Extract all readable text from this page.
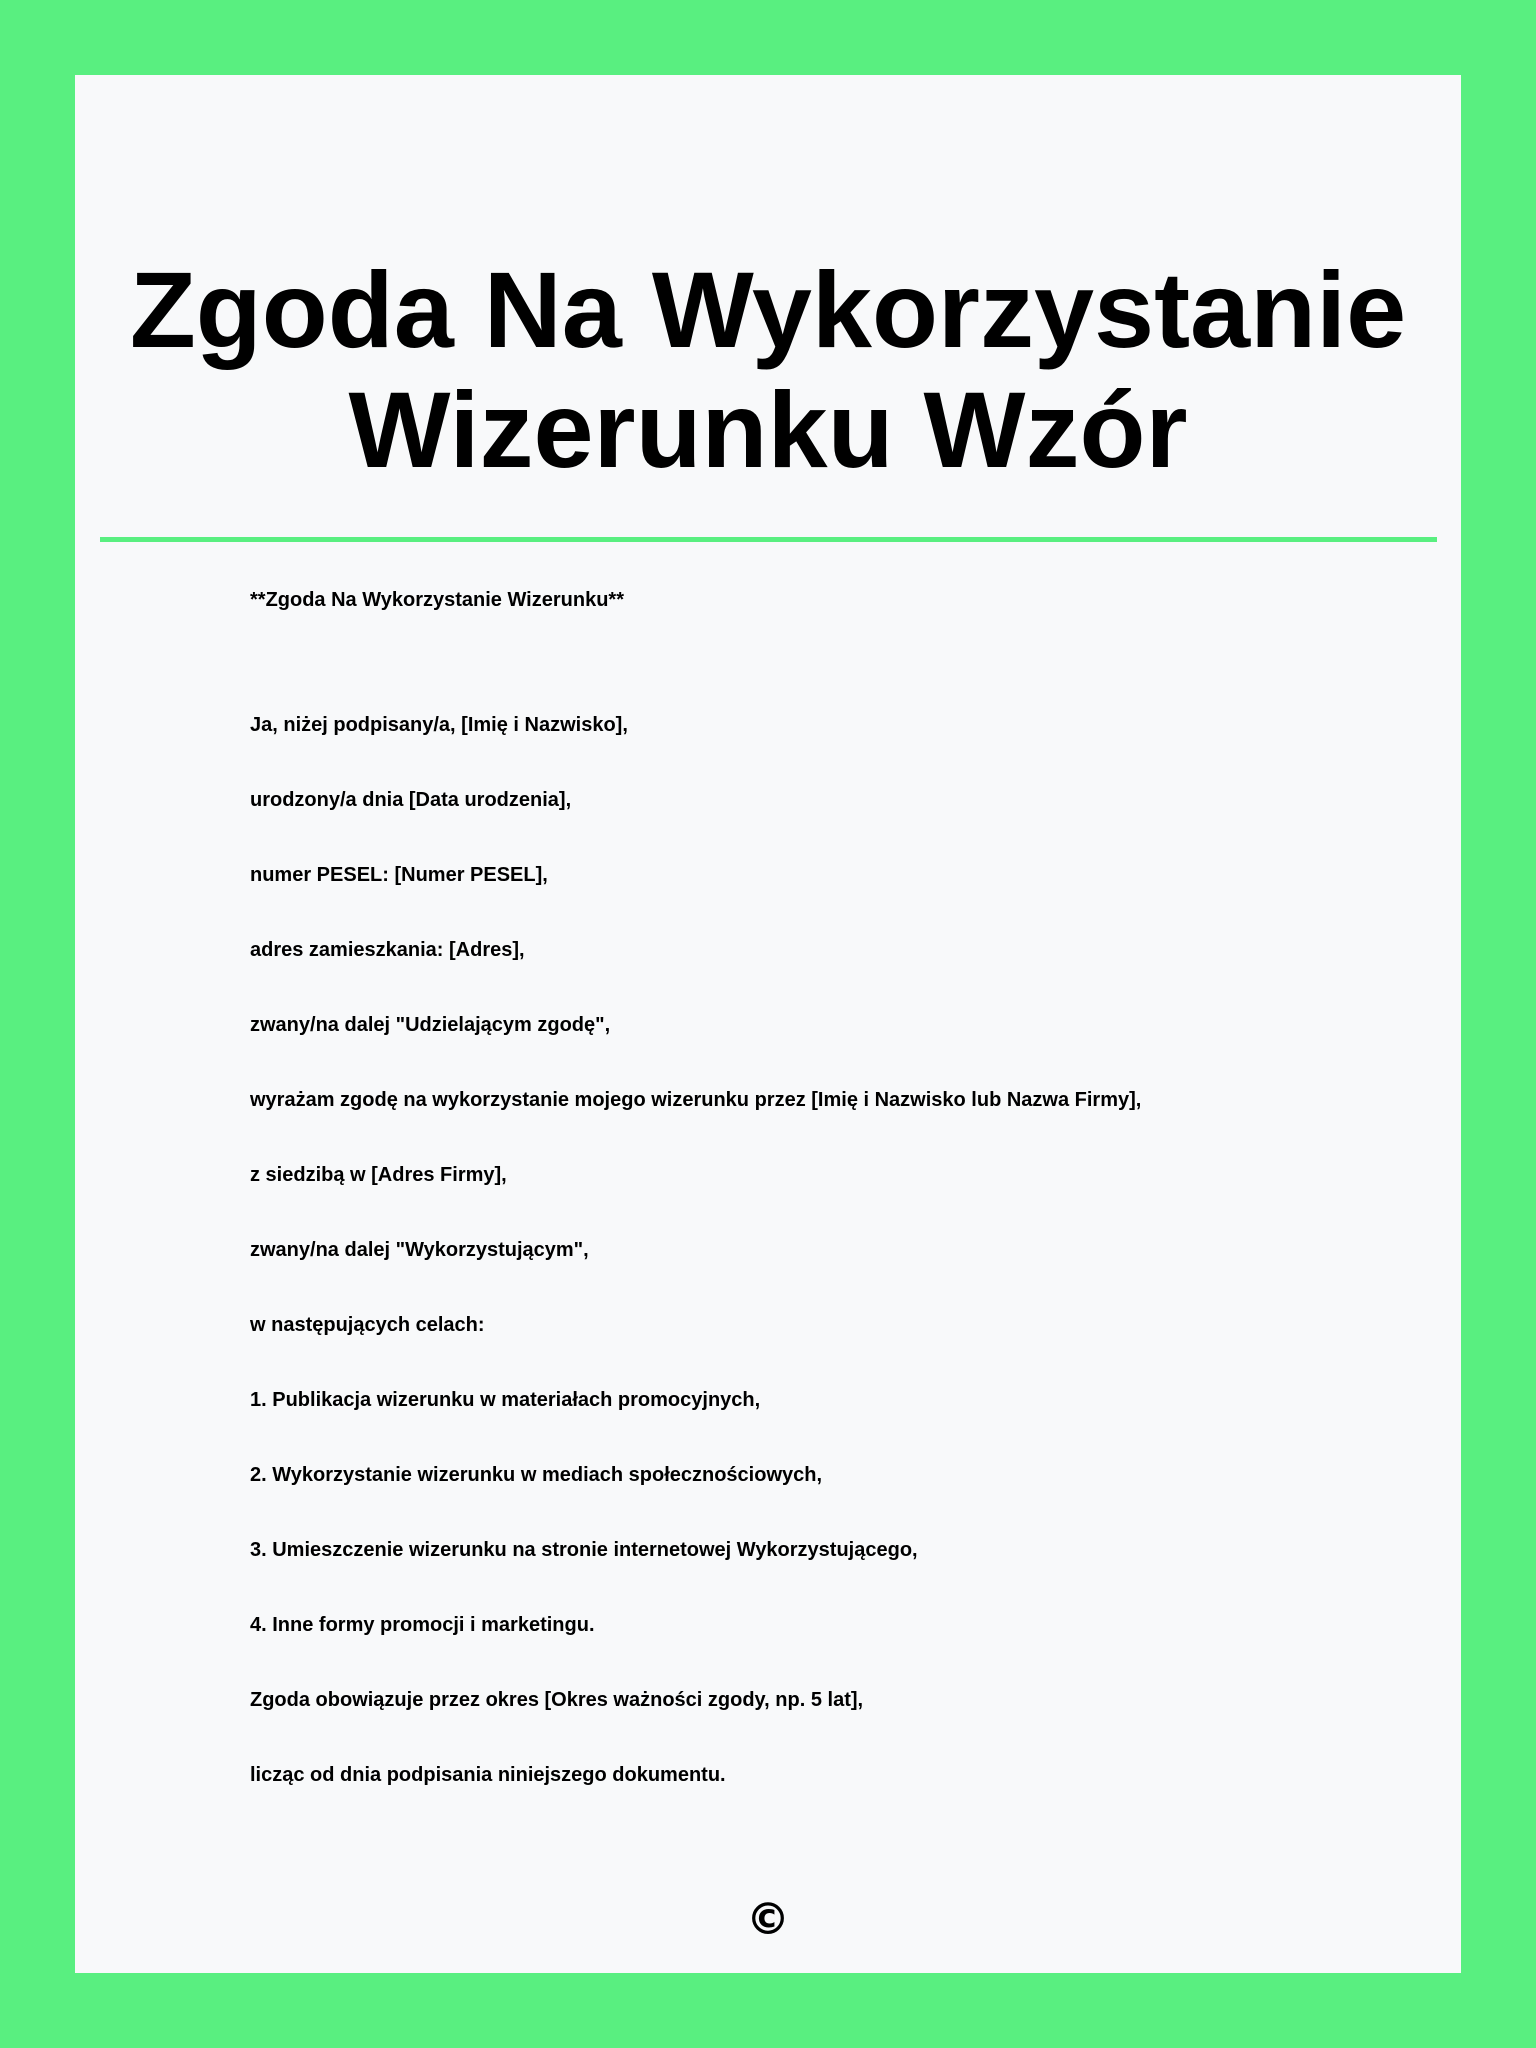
Zgoda Na Wykorzystanie
Wizerunku Wzór
**Zgoda Na Wykorzystanie Wizerunku**
Ja, niżej podpisany/a, [Imię i Nazwisko],
urodzony/a dnia [Data urodzenia],
numer PESEL: [Numer PESEL],
adres zamieszkania: [Adres],
zwany/na dalej "Udzielającym zgodę",
wyrażam zgodę na wykorzystanie mojego wizerunku przez [Imię i Nazwisko lub Nazwa Firmy],
z siedzibą w [Adres Firmy],
zwany/na dalej "Wykorzystującym",
w następujących celach:
1. Publikacja wizerunku w materiałach promocyjnych,
2. Wykorzystanie wizerunku w mediach społecznościowych,
3. Umieszczenie wizerunku na stronie internetowej Wykorzystującego,
4. Inne formy promocji i marketingu.
Zgoda obowiązuje przez okres [Okres ważności zgody, np. 5 lat],
licząc od dnia podpisania niniejszego dokumentu.
©
